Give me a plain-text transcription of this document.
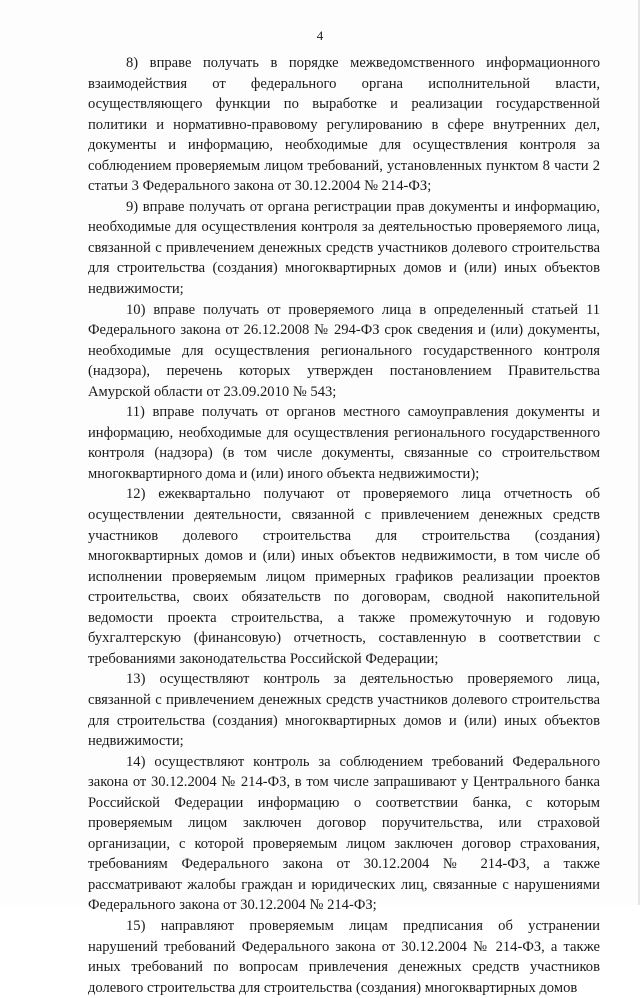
4

8) вправе получать в порядке межведомственного информационного взаимодействия от федерального органа исполнительной власти, осуществляющего функции по выработке и реализации государственной политики и нормативно-правовому регулированию в сфере внутренних дел, документы и информацию, необходимые для осуществления контроля за соблюдением проверяемым лицом требований, установленных пунктом 8 части 2 статьи 3 Федерального закона от 30.12.2004 № 214-ФЗ;

9) вправе получать от органа регистрации прав документы и информацию, необходимые для осуществления контроля за деятельностью проверяемого лица, связанной с привлечением денежных средств участников долевого строительства для строительства (создания) многоквартирных домов и (или) иных объектов недвижимости;

10) вправе получать от проверяемого лица в определенный статьей 11 Федерального закона от 26.12.2008 № 294-ФЗ срок сведения и (или) документы, необходимые для осуществления регионального государственного контроля (надзора), перечень которых утвержден постановлением Правительства Амурской области от 23.09.2010 № 543;

11) вправе получать от органов местного самоуправления документы и информацию, необходимые для осуществления регионального государственного контроля (надзора) (в том числе документы, связанные со строительством многоквартирного дома и (или) иного объекта недвижимости);

12) ежеквартально получают от проверяемого лица отчетность об осуществлении деятельности, связанной с привлечением денежных средств участников долевого строительства для строительства (создания) многоквартирных домов и (или) иных объектов недвижимости, в том числе об исполнении проверяемым лицом примерных графиков реализации проектов строительства, своих обязательств по договорам, сводной накопительной ведомости проекта строительства, а также промежуточную и годовую бухгалтерскую (финансовую) отчетность, составленную в соответствии с требованиями законодательства Российской Федерации;

13) осуществляют контроль за деятельностью проверяемого лица, связанной с привлечением денежных средств участников долевого строительства для строительства (создания) многоквартирных домов и (или) иных объектов недвижимости;

14) осуществляют контроль за соблюдением требований Федерального закона от 30.12.2004 № 214-ФЗ, в том числе запрашивают у Центрального банка Российской Федерации информацию о соответствии банка, с которым проверяемым лицом заключен договор поручительства, или страховой организации, с которой проверяемым лицом заключен договор страхования, требованиям Федерального закона от 30.12.2004 № 214-ФЗ, а также рассматривают жалобы граждан и юридических лиц, связанные с нарушениями Федерального закона от 30.12.2004 № 214-ФЗ;

15) направляют проверяемым лицам предписания об устранении нарушений требований Федерального закона от 30.12.2004 № 214-ФЗ, а также иных требований по вопросам привлечения денежных средств участников долевого строительства для строительства (создания) многоквартирных домов
